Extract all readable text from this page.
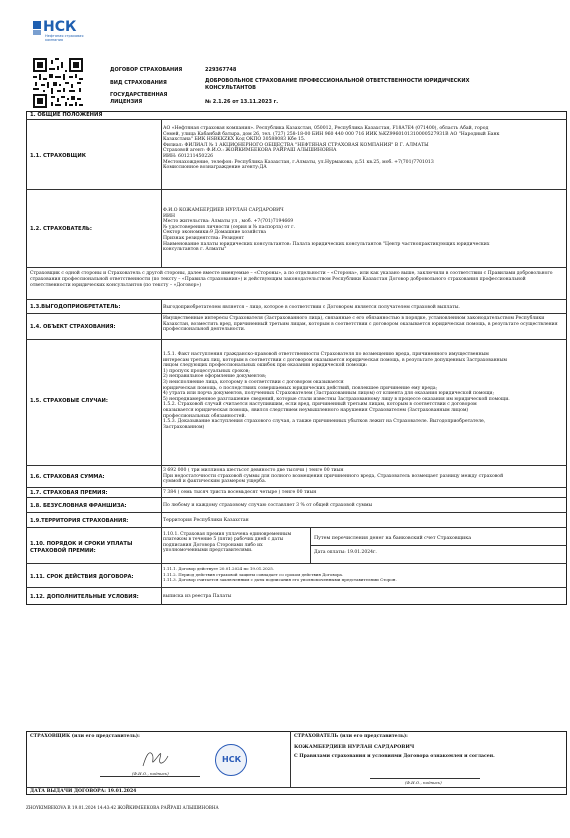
НСК
Нефтяная страховая
компания
ДОГОВОР СТРАХОВАНИЯ	229367748
ВИД СТРАХОВАНИЯ	ДОБРОВОЛЬНОЕ СТРАХОВАНИЕ ПРОФЕССИОНАЛЬНОЙ ОТВЕТСТВЕННОСТИ ЮРИДИЧЕСКИХ КОНСУЛЬТАНТОВ
ГОСУДАРСТВЕННАЯ
ЛИЦЕНЗИЯ	№ 2.1.26 от 13.11.2023 г.
1. ОБЩИЕ ПОЛОЖЕНИЯ
1.1. СТРАХОВЩИК
АО «Нефтяная страховая компания». Республика Казахстан, 050012, Республика Казахстан, F18A7E4 (071400), область Абай, город
Семей, улица Кабанбай батыра, дом 26, тел. (727) 258-18-00 БИН 960 440 000 716 ИИК №KZ9960101310000527931В АО "Народный Банк
Казахстана" БИК HSBKKZKX Код ОКПО 30588083 Кбе 15.
Филиал: ФИЛИАЛ № 1 АКЦИОНЕРНОГО ОБЩЕСТВА "НЕФТЯНАЯ СТРАХОВАЯ КОМПАНИЯ" В Г. АЛМАТЫ
Страховой агент: Ф.И.О.: ЖОЙКИМБЕКОВА РАЙРАШ АЛЫШИНОВНА
ИИН: 601211450226
Местонахождение, телефон: Республика Казахстан, г.Алматы, ул.Нурмакова, д.51 кв.25, моб. +7(701)7701013
Комиссионное вознаграждение агенту:ДА
1.2. СТРАХОВАТЕЛЬ:
Ф.И.О КОЖАМБЕРДИЕВ НУРЛАН САРДАРОВИЧ
ИИН
Место жительства: Алматы ул , моб. +7(701)7194669
№ удостоверения личности (серия и № паспорта) от г.
Сектор экономики:9 Домашние хозяйства
Признак резидентства: Резидент
Наименование палаты юридических консультантов: Палата юридических консультантов "Центр частнопрактикующих юридических
консультантов г. Алматы"
Страховщик с одной стороны и Страхователь с другой стороны, далее вместе именуемые – «Стороны», а по отдельности – «Сторона», или как указано выше, заключили в соответствии с Правилами добровольного страхования профессиональной ответственности (по тексту – «Правила страхования») и действующим законодательством Республики Казахстан Договор добровольного страхования профессиональной ответственности юридических консультантов (по тексту – «Договор»)
1.3.ВЫГОДОПРИОБРЕТАТЕЛЬ:	Выгодоприобретателем является – лицо, которое в соответствии с Договором является получателем страховой выплаты.
1.4. ОБЪЕКТ СТРАХОВАНИЯ:
Имущественные интересы Страхователя (Застрахованного лица), связанные с его обязанностью в порядке, установленном законодательством Республики Казахстан, возместить вред, причиненный третьим лицам, которым в соответствии с договором оказывается юридическая помощь, в результате осуществления профессиональной деятельности.
1.5. СТРАХОВЫЕ СЛУЧАИ:
1.5.1. Факт наступления гражданско-правовой ответственности Страхователя по возмещению вреда, причиненного имущественным
интересам третьих лиц, которым в соответствии с договором оказывается юридическая помощь, в результате допущенных Застрахованным
лицом следующих профессиональных ошибок при оказании юридической помощи:
1) пропуск процессуальных сроков;
2) неправильное оформление документов;
3) неисполнение лица, которому в соответствии с договором оказывается
юридическая помощь, о последствиях совершаемых юридических действий, повлекшее причинение ему вреда;
4) утрата или порча документов, полученных Страхователем (Застрахованным лицом) от клиента для оказания юридической помощи;
5) непреднамеренное разглашение сведений, которые стали известны Застрахованному лицу в процессе оказания им юридической помощи.
1.5.2. Страховой случай считается наступившим, если вред, причиненный третьим лицам, которым в соответствии с договором
оказывается юридическая помощь, явился следствием неумышленного нарушения Страхователем (Застрахованным лицом)
профессиональных обязанностей.
1.5.3. Доказывание наступления страхового случая, а также причиненных убытков лежит на Страхователе. Выгодоприобретателе,
Застрахованном)
1.6. СТРАХОВАЯ СУММА:
3 692 000 ( три миллиона шестьсот девяносто две тысячи ) тенге 00 тиын
При недостаточности страховой суммы для полного возмещения причиненного вреда, Страхователь возмещает разницу между страховой
суммой и фактическим размером ущерба.
1.7. СТРАХОВАЯ ПРЕМИЯ:	7 384 ( семь тысяч триста восемьдесят четыре ) тенге 00 тиын
1.8. БЕЗУСЛОВНАЯ ФРАНШИЗА:	По любому и каждому страховому случаю составляет 3 % от общей страховой суммы
1.9.ТЕРРИТОРИЯ СТРАХОВАНИЯ:	Территория Республики Казахстан
1.10. ПОРЯДОК И СРОКИ УПЛАТЫ
СТРАХОВОЙ ПРЕМИИ:
1.10.1. Страховая премия уплачена единовременным
платежом в течение 5 (пяти) рабочих дней с даты
подписания Договора Сторонами либо их
уполномоченными представителями.
Путем перечисления денег на банковский счет Страховщика
Дата оплаты: 19.01.2024г.
1.11. СРОК ДЕЙСТВИЯ ДОГОВОРА:
1.11.1. Договор действует 20.01.2024 по 19.01.2025.
1.11.2. Период действия страховой защиты совпадает со сроком действия Договора.
1.11.3. Договор считается заключенным с даты подписания его уполномоченными представителями Сторон.
1.12. ДОПОЛНИТЕЛЬНЫЕ УСЛОВИЯ:	выписка из реестра Палаты
СТРАХОВЩИК (или его представитель):
(Ф.И.О., подпись)
НСК
СТРАХОВАТЕЛЬ (или его представитель):
КОЖАМБЕРДИЕВ НУРЛАН САРДАРОВИЧ
С Правилами страхования и условиями Договора ознакомлен и согласен.
(Ф.И.О., подпись)
ДАТА ВЫДАЧИ ДОГОВОРА: 19.01.2024
ZHOYKIMBEKOVA R 19.01.2024 14:43:42 ЖОЙКИМБЕКОВА РАЙРАШ АЛЫШИНОВНА
